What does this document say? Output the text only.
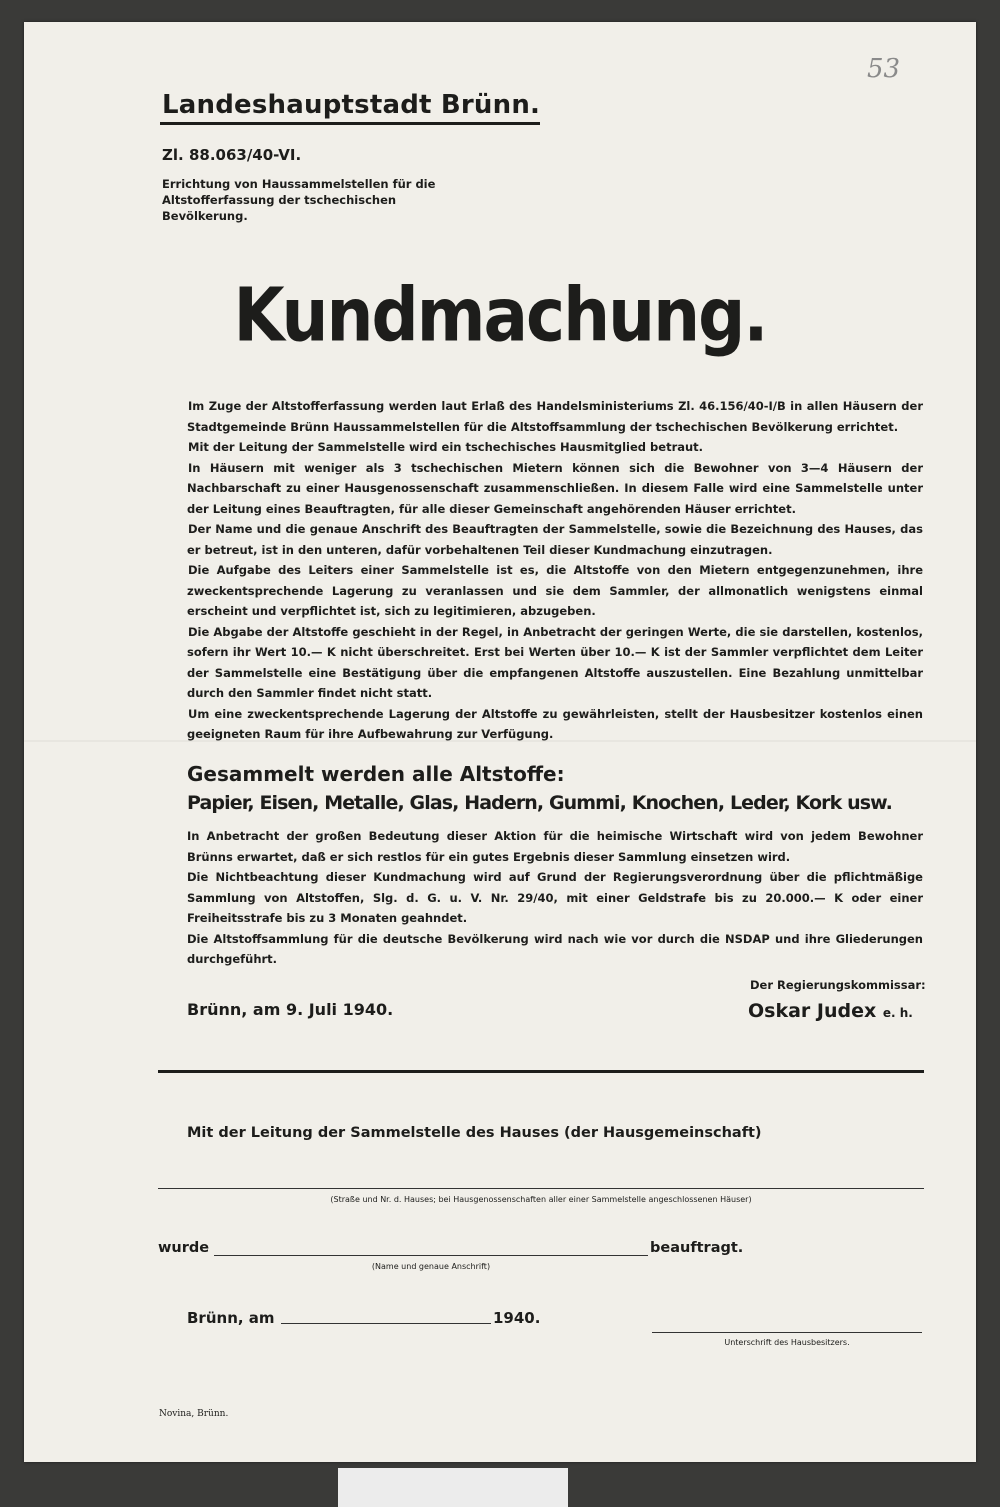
53
Landeshauptstadt Brünn.
Zl. 88.063/40-VI.
Errichtung von Haussammelstellen für die Altstofferfassung der tschechischen Bevölkerung.
Kundmachung.

Im Zuge der Altstofferfassung werden laut Erlaß des Handelsministeriums Zl. 46.156/40-I/B in allen Häusern der Stadtgemeinde Brünn Haussammelstellen für die Altstoffsammlung der tschechischen Bevölkerung errichtet.

Mit der Leitung der Sammelstelle wird ein tschechisches Hausmitglied betraut.

In Häusern mit weniger als 3 tschechischen Mietern können sich die Bewohner von 3—4 Häusern der Nachbarschaft zu einer Hausgenossenschaft zusammenschließen. In diesem Falle wird eine Sammelstelle unter der Leitung eines Beauftragten, für alle dieser Gemeinschaft angehörenden Häuser errichtet.

Der Name und die genaue Anschrift des Beauftragten der Sammelstelle, sowie die Bezeichnung des Hauses, das er betreut, ist in den unteren, dafür vorbehaltenen Teil dieser Kundmachung einzutragen.

Die Aufgabe des Leiters einer Sammelstelle ist es, die Altstoffe von den Mietern entgegenzunehmen, ihre zweckentsprechende Lagerung zu veranlassen und sie dem Sammler, der allmonatlich wenigstens einmal erscheint und verpflichtet ist, sich zu legitimieren, abzugeben.

Die Abgabe der Altstoffe geschieht in der Regel, in Anbetracht der geringen Werte, die sie darstellen, kostenlos, sofern ihr Wert 10.— K nicht überschreitet. Erst bei Werten über 10.— K ist der Sammler verpflichtet dem Leiter der Sammelstelle eine Bestätigung über die empfangenen Altstoffe auszustellen. Eine Bezahlung unmittelbar durch den Sammler findet nicht statt.

Um eine zweckentsprechende Lagerung der Altstoffe zu gewährleisten, stellt der Hausbesitzer kostenlos einen geeigneten Raum für ihre Aufbewahrung zur Verfügung.

Gesammelt werden alle Altstoffe:
Papier, Eisen, Metalle, Glas, Hadern, Gummi, Knochen, Leder, Kork usw.

In Anbetracht der großen Bedeutung dieser Aktion für die heimische Wirtschaft wird von jedem Bewohner Brünns erwartet, daß er sich restlos für ein gutes Ergebnis dieser Sammlung einsetzen wird.

Die Nichtbeachtung dieser Kundmachung wird auf Grund der Regierungsverordnung über die pflichtmäßige Sammlung von Altstoffen, Slg. d. G. u. V. Nr. 29/40, mit einer Geldstrafe bis zu 20.000.— K oder einer Freiheitsstrafe bis zu 3 Monaten geahndet.

Die Altstoffsammlung für die deutsche Bevölkerung wird nach wie vor durch die NSDAP und ihre Gliederungen durchgeführt.

Der Regierungskommissar:
Brünn, am 9. Juli 1940.	Oskar Judex e. h.
Mit der Leitung der Sammelstelle des Hauses (der Hausgemeinschaft)
(Straße und Nr. d. Hauses; bei Hausgenossenschaften aller einer Sammelstelle angeschlossenen Häuser)
wurde	beauftragt.
(Name und genaue Anschrift)
Brünn, am	1940.
Unterschrift des Hausbesitzers.
Novina, Brünn.
